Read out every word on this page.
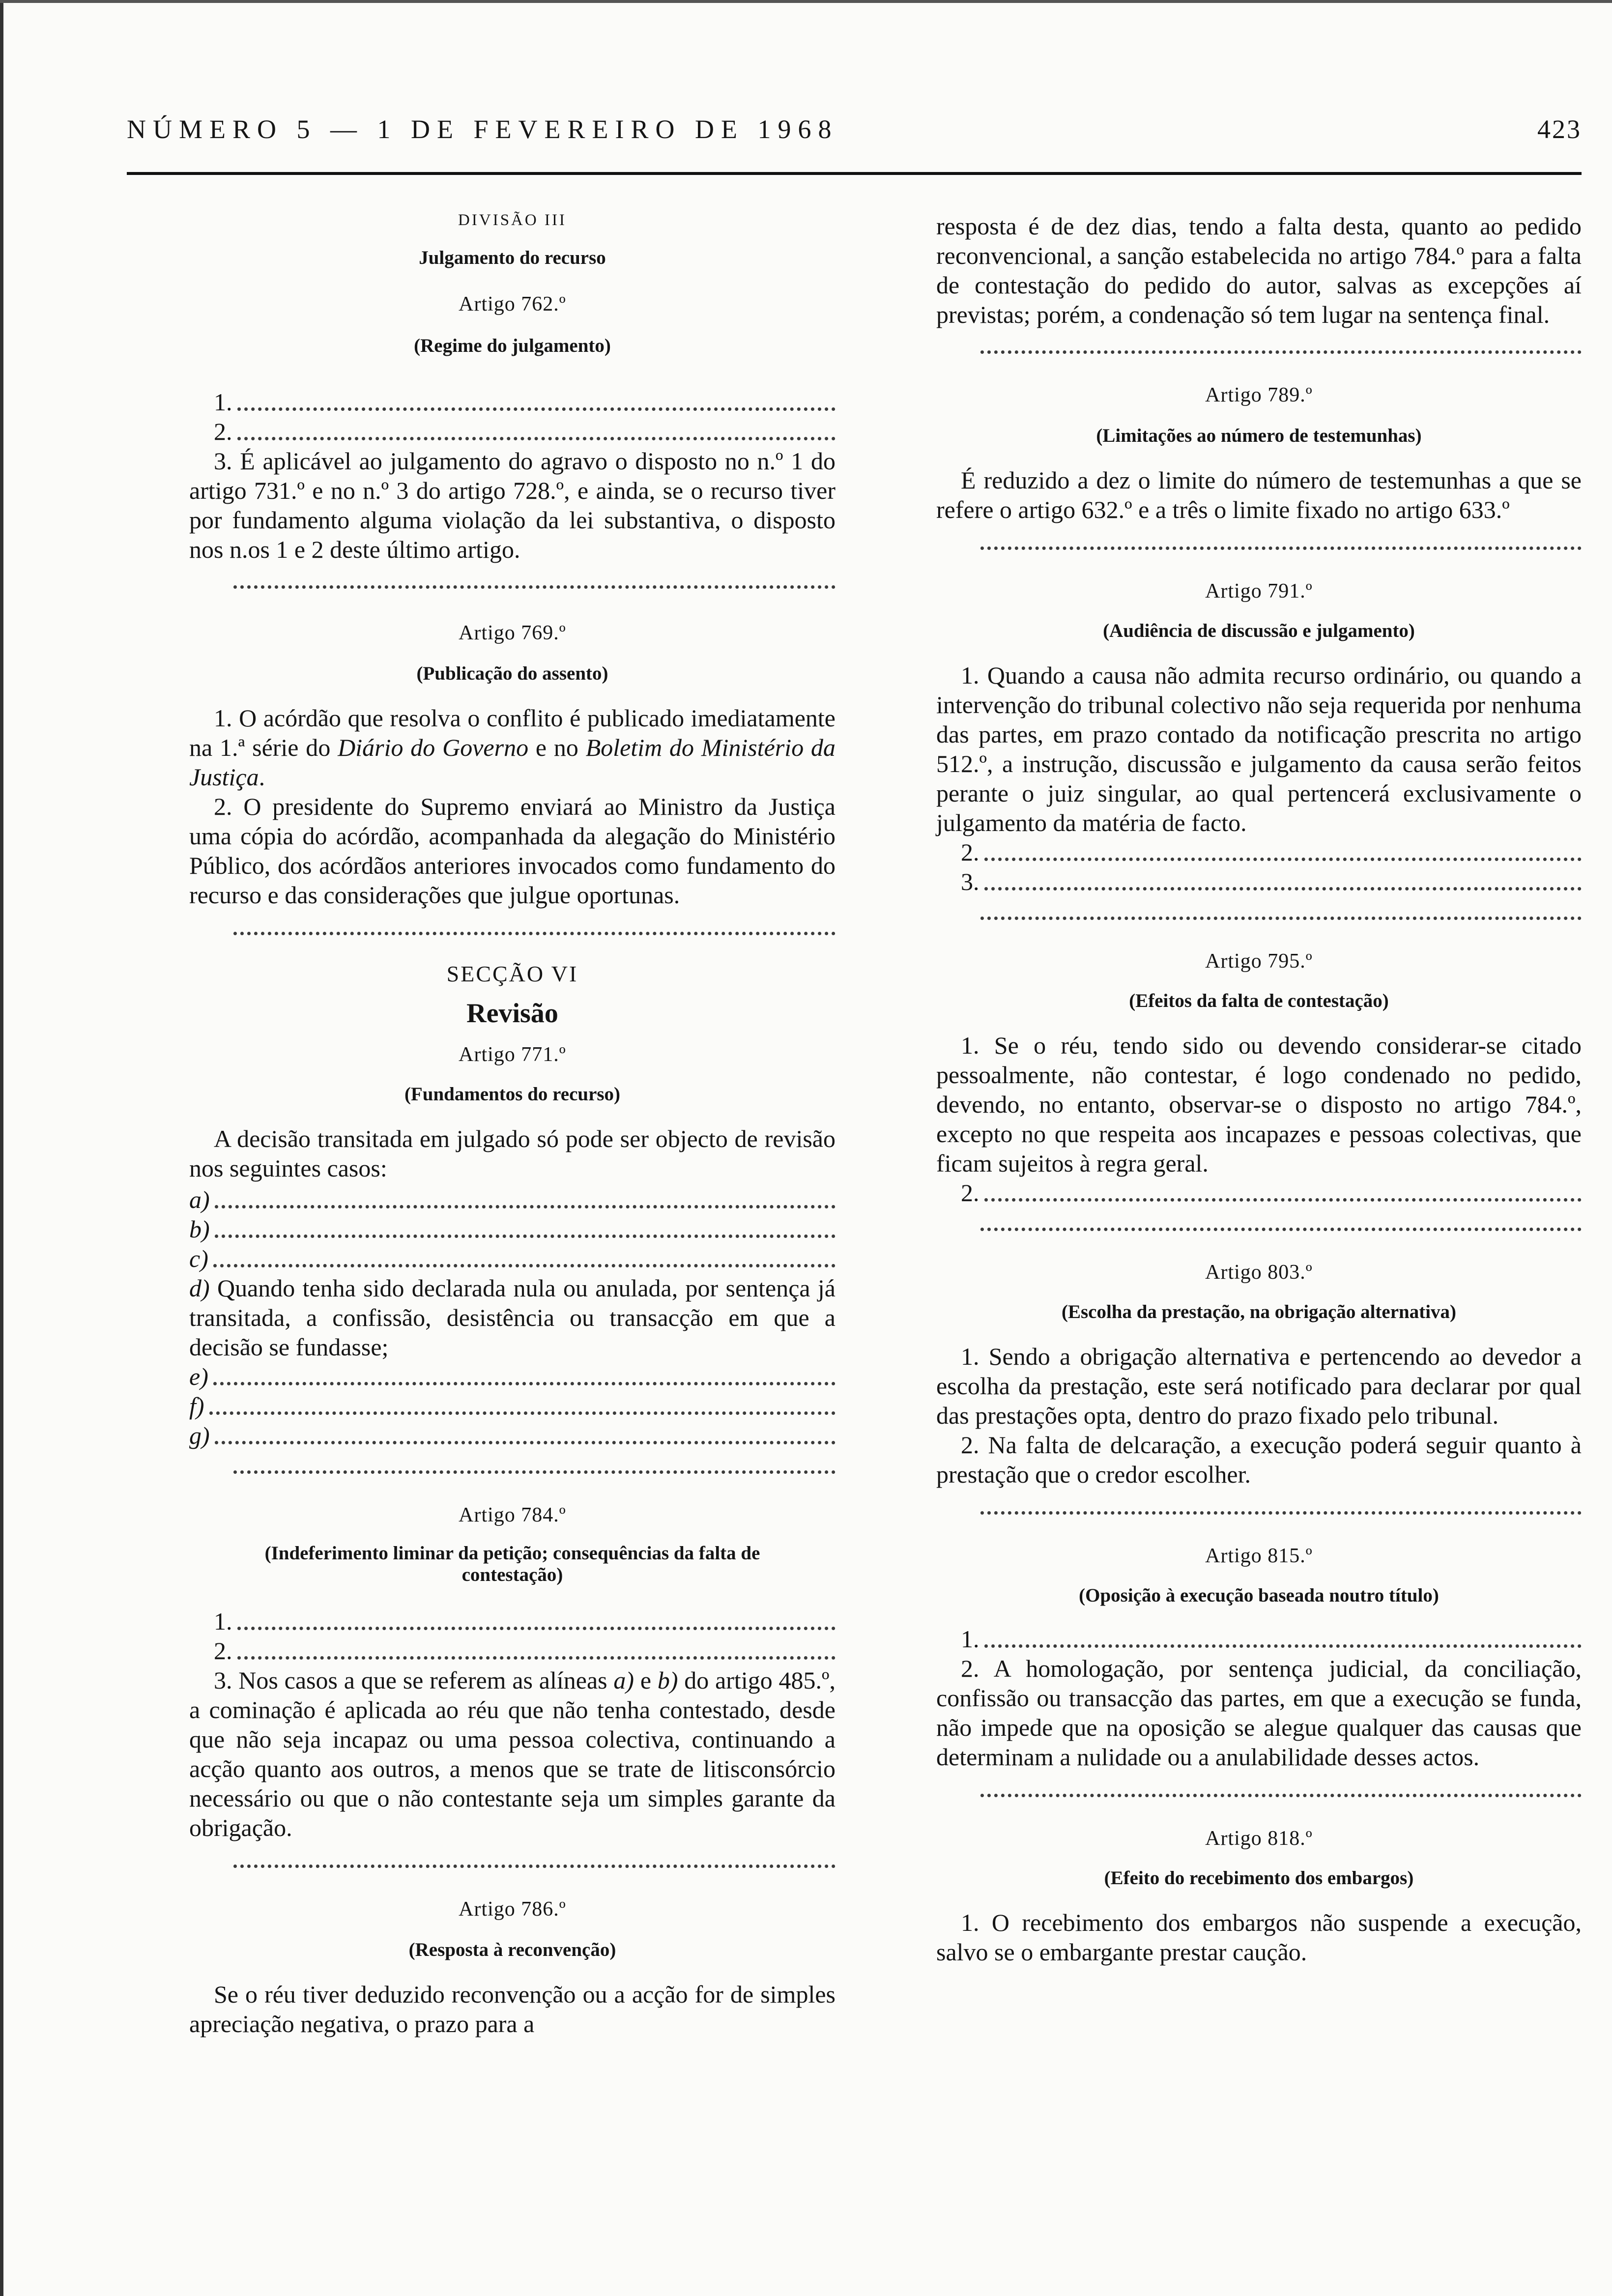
NÚMERO 5 — 1 DE FEVEREIRO DE 1968	423

DIVISÃO III

Julgamento do recurso

Artigo 762.º

(Regime do julgamento)

1.
2.

3. É aplicável ao julgamento do agravo o disposto no n.º 1 do artigo 731.º e no n.º 3 do artigo 728.º, e ainda, se o recurso tiver por fundamento alguma violação da lei substantiva, o disposto nos n.os 1 e 2 deste último artigo.

Artigo 769.º

(Publicação do assento)

1. O acórdão que resolva o conflito é publicado imediatamente na 1.ª série do Diário do Governo e no Boletim do Ministério da Justiça.

2. O presidente do Supremo enviará ao Ministro da Justiça uma cópia do acórdão, acompanhada da alegação do Ministério Público, dos acórdãos anteriores invocados como fundamento do recurso e das considerações que julgue oportunas.

SECÇÃO VI

Revisão

Artigo 771.º

(Fundamentos do recurso)

A decisão transitada em julgado só pode ser objecto de revisão nos seguintes casos:

a)
b)
c)

d) Quando tenha sido declarada nula ou anulada, por sentença já transitada, a confissão, desistência ou transacção em que a decisão se fundasse;

e)
f)
g)

Artigo 784.º

(Indeferimento liminar da petição; consequências da falta de contestação)

1.
2.

3. Nos casos a que se referem as alíneas a) e b) do artigo 485.º, a cominação é aplicada ao réu que não tenha contestado, desde que não seja incapaz ou uma pessoa colectiva, continuando a acção quanto aos outros, a menos que se trate de litisconsórcio necessário ou que o não contestante seja um simples garante da obrigação.

Artigo 786.º

(Resposta à reconvenção)

Se o réu tiver deduzido reconvenção ou a acção for de simples apreciação negativa, o prazo para a

resposta é de dez dias, tendo a falta desta, quanto ao pedido reconvencional, a sanção estabelecida no artigo 784.º para a falta de contestação do pedido do autor, salvas as excepções aí previstas; porém, a condenação só tem lugar na sentença final.

Artigo 789.º

(Limitações ao número de testemunhas)

É reduzido a dez o limite do número de testemunhas a que se refere o artigo 632.º e a três o limite fixado no artigo 633.º

Artigo 791.º

(Audiência de discussão e julgamento)

1. Quando a causa não admita recurso ordinário, ou quando a intervenção do tribunal colectivo não seja requerida por nenhuma das partes, em prazo contado da notificação prescrita no artigo 512.º, a instrução, discussão e julgamento da causa serão feitos perante o juiz singular, ao qual pertencerá exclusivamente o julgamento da matéria de facto.

2.
3.

Artigo 795.º

(Efeitos da falta de contestação)

1. Se o réu, tendo sido ou devendo considerar-se citado pessoalmente, não contestar, é logo condenado no pedido, devendo, no entanto, observar-se o disposto no artigo 784.º, excepto no que respeita aos incapazes e pessoas colectivas, que ficam sujeitos à regra geral.

2.

Artigo 803.º

(Escolha da prestação, na obrigação alternativa)

1. Sendo a obrigação alternativa e pertencendo ao devedor a escolha da prestação, este será notificado para declarar por qual das prestações opta, dentro do prazo fixado pelo tribunal.

2. Na falta de delcaração, a execução poderá seguir quanto à prestação que o credor escolher.

Artigo 815.º

(Oposição à execução baseada noutro título)

1.

2. A homologação, por sentença judicial, da conciliação, confissão ou transacção das partes, em que a execução se funda, não impede que na oposição se alegue qualquer das causas que determinam a nulidade ou a anulabilidade desses actos.

Artigo 818.º

(Efeito do recebimento dos embargos)

1. O recebimento dos embargos não suspende a execução, salvo se o embargante prestar caução.
